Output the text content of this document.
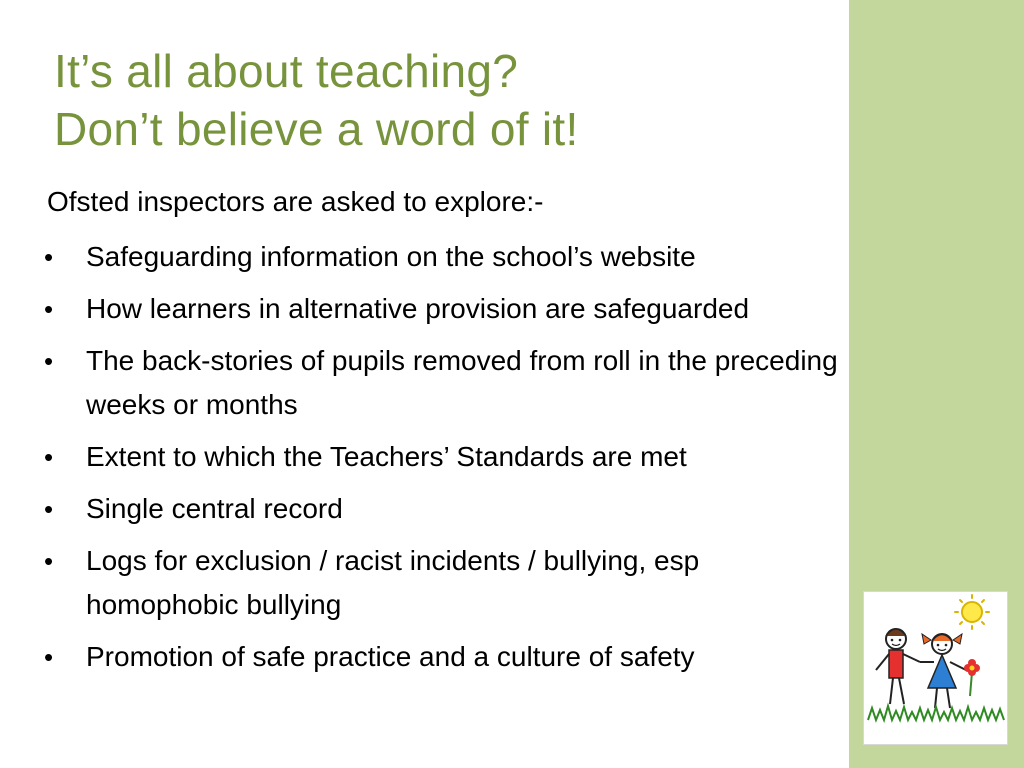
It’s all about teaching?
Don’t believe a word of it!

Ofsted inspectors are asked to explore:-

• Safeguarding information on the school’s website
• How learners in alternative provision are safeguarded
• The back-stories of pupils removed from roll in the preceding weeks or months
• Extent to which the Teachers’ Standards are met
• Single central record
• Logs for exclusion / racist incidents / bullying, esp homophobic bullying
• Promotion of safe practice and a culture of safety
